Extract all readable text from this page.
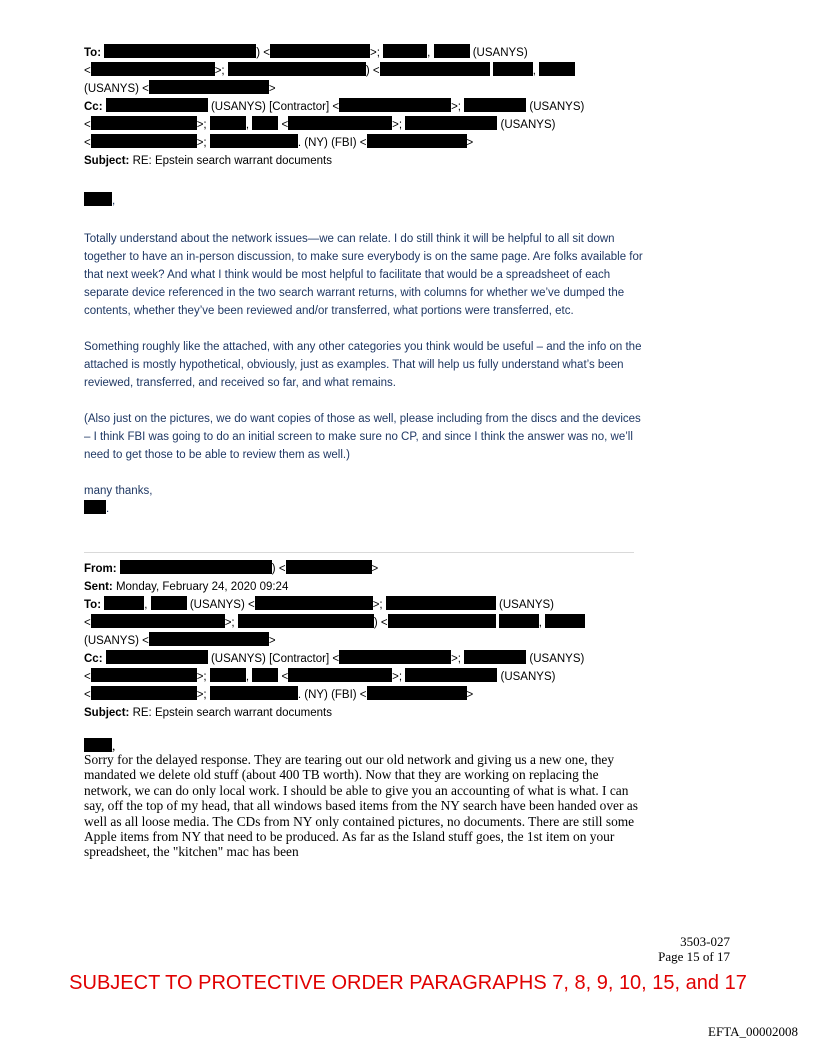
To:	) <	>;	,	(USANYS)
<	>;	) <	,
(USANYS) <	>
Cc:	(USANYS) [Contractor] <	>;	(USANYS)
<	>;	,	<	>;	(USANYS)
<	>;	. (NY) (FBI) <	>
Subject: RE: Epstein search warrant documents
,

Totally understand about the network issues—we can relate. I do still think it will be helpful to all sit down together to have an in-person discussion, to make sure everybody is on the same page. Are folks available for that next week? And what I think would be most helpful to facilitate that would be a spreadsheet of each separate device referenced in the two search warrant returns, with columns for whether we’ve dumped the contents, whether they’ve been reviewed and/or transferred, what portions were transferred, etc.

Something roughly like the attached, with any other categories you think would be useful – and the info on the attached is mostly hypothetical, obviously, just as examples. That will help us fully understand what’s been reviewed, transferred, and received so far, and what remains.

(Also just on the pictures, we do want copies of those as well, please including from the discs and the devices – I think FBI was going to do an initial screen to make sure no CP, and since I think the answer was no, we’ll need to get those to be able to review them as well.)

many thanks,

.
From:	) <	>
Sent: Monday, February 24, 2020 09:24
To:	,	(USANYS) <	>;	(USANYS)
<	>;	) <	,
(USANYS) <	>
Cc:	(USANYS) [Contractor] <	>;	(USANYS)
<	>;	,	<	>;	(USANYS)
<	>;	. (NY) (FBI) <	>
Subject: RE: Epstein search warrant documents
,
Sorry for the delayed response. They are tearing out our old network and giving us a new one, they mandated we delete old stuff (about 400 TB worth). Now that they are working on replacing the network, we can do only local work. I should be able to give you an accounting of what is what. I can say, off the top of my head, that all windows based items from the NY search have been handed over as well as all loose media. The CDs from NY only contained pictures, no documents. There are still some Apple items from NY that need to be produced. As far as the Island stuff goes, the 1st item on your spreadsheet, the "kitchen" mac has been
3503-027
Page 15 of 17
SUBJECT TO PROTECTIVE ORDER PARAGRAPHS 7, 8, 9, 10, 15, and 17
EFTA_00002008
